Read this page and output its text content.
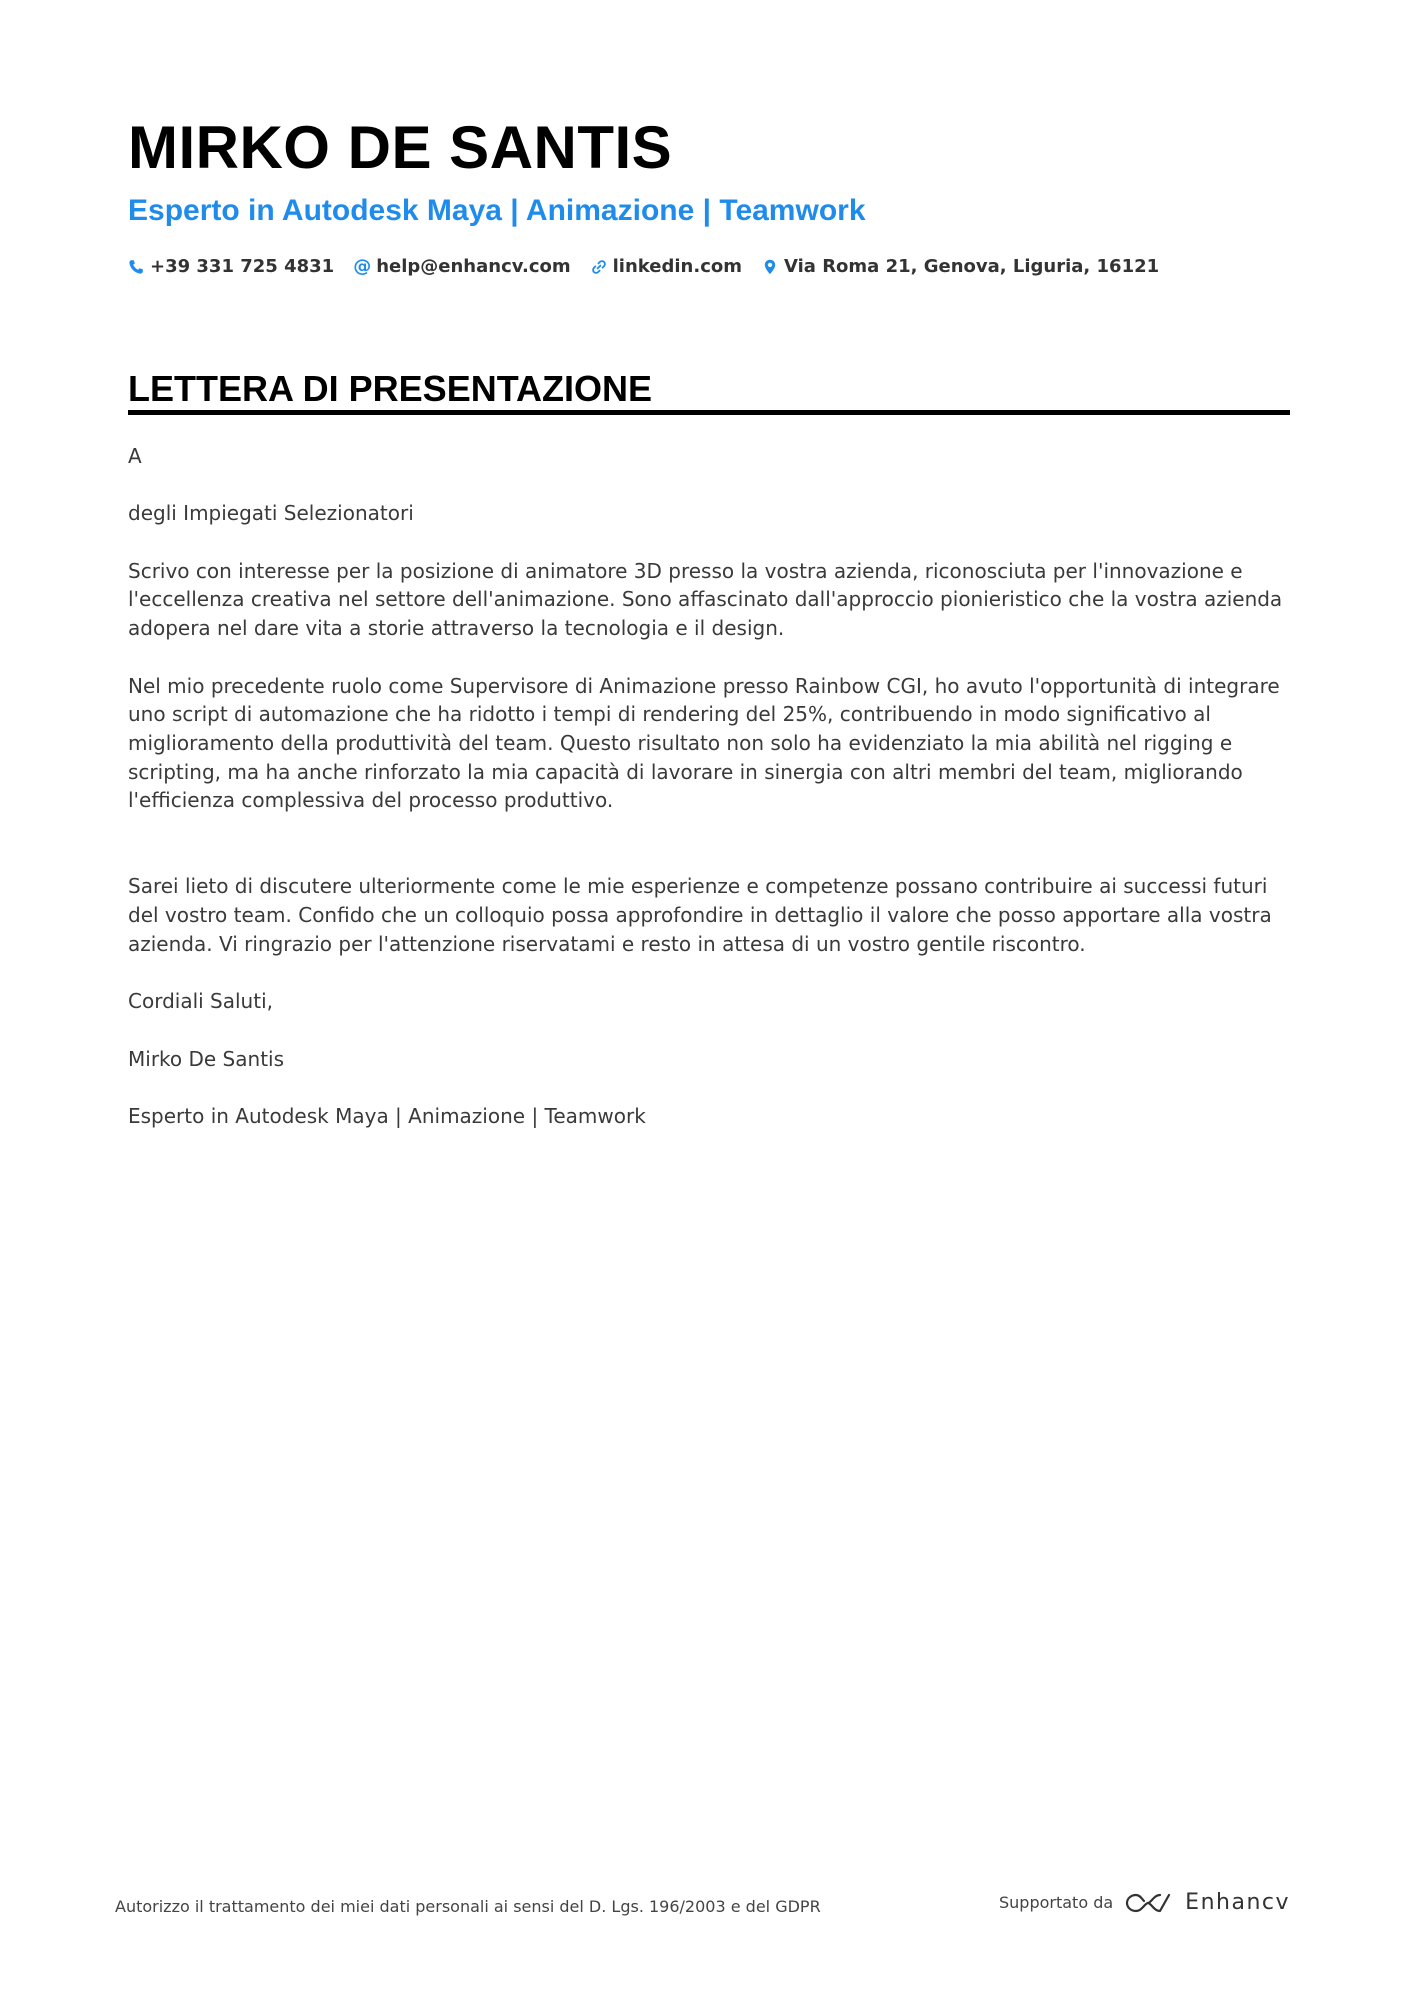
MIRKO DE SANTIS
Esperto in Autodesk Maya | Animazione | Teamwork
+39 331 725 4831 @ help@enhancv.com linkedin.com Via Roma 21, Genova, Liguria, 16121
LETTERA DI PRESENTAZIONE

A

degli Impiegati Selezionatori

Scrivo con interesse per la posizione di animatore 3D presso la vostra azienda, riconosciuta per l'innovazione e l'eccellenza creativa nel settore dell'animazione. Sono affascinato dall'approccio pionieristico che la vostra azienda adopera nel dare vita a storie attraverso la tecnologia e il design.

Nel mio precedente ruolo come Supervisore di Animazione presso Rainbow CGI, ho avuto l'opportunità di integrare uno script di automazione che ha ridotto i tempi di rendering del 25%, contribuendo in modo significativo al miglioramento della produttività del team. Questo risultato non solo ha evidenziato la mia abilità nel rigging e scripting, ma ha anche rinforzato la mia capacità di lavorare in sinergia con altri membri del team, migliorando l'efficienza complessiva del processo produttivo.

Sarei lieto di discutere ulteriormente come le mie esperienze e competenze possano contribuire ai successi futuri del vostro team. Confido che un colloquio possa approfondire in dettaglio il valore che posso apportare alla vostra azienda. Vi ringrazio per l'attenzione riservatami e resto in attesa di un vostro gentile riscontro.

Cordiali Saluti,

Mirko De Santis

Esperto in Autodesk Maya | Animazione | Teamwork

Autorizzo il trattamento dei miei dati personali ai sensi del D. Lgs. 196/2003 e del GDPR	Supportato da	Enhancv
